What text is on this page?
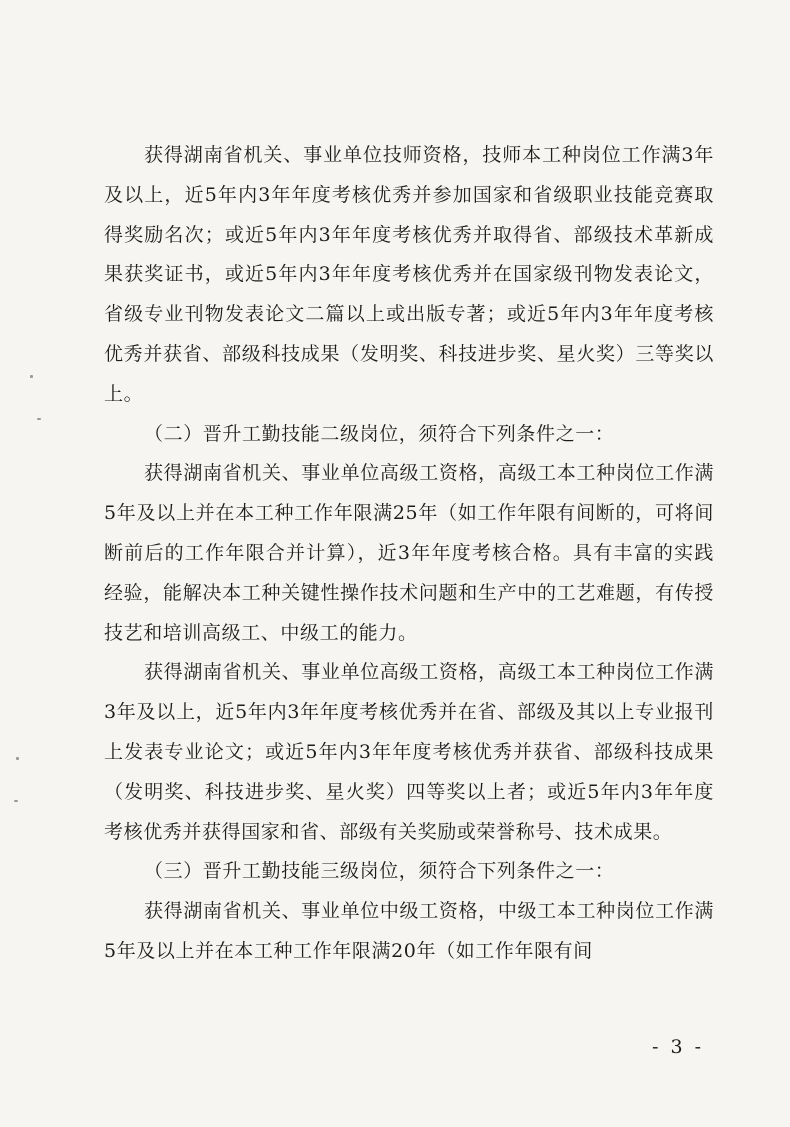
获得湖南省机关、事业单位技师资格，技师本工种岗位工作满3年及以上，近5年内3年年度考核优秀并参加国家和省级职业技能竞赛取得奖励名次；或近5年内3年年度考核优秀并取得省、部级技术革新成果获奖证书，或近5年内3年年度考核优秀并在国家级刊物发表论文，省级专业刊物发表论文二篇以上或出版专著；或近5年内3年年度考核优秀并获省、部级科技成果（发明奖、科技进步奖、星火奖）三等奖以上。

（二）晋升工勤技能二级岗位，须符合下列条件之一：

获得湖南省机关、事业单位高级工资格，高级工本工种岗位工作满5年及以上并在本工种工作年限满25年（如工作年限有间断的，可将间断前后的工作年限合并计算），近3年年度考核合格。具有丰富的实践经验，能解决本工种关键性操作技术问题和生产中的工艺难题，有传授技艺和培训高级工、中级工的能力。

获得湖南省机关、事业单位高级工资格，高级工本工种岗位工作满3年及以上，近5年内3年年度考核优秀并在省、部级及其以上专业报刊上发表专业论文；或近5年内3年年度考核优秀并获省、部级科技成果（发明奖、科技进步奖、星火奖）四等奖以上者；或近5年内3年年度考核优秀并获得国家和省、部级有关奖励或荣誉称号、技术成果。

（三）晋升工勤技能三级岗位，须符合下列条件之一：

获得湖南省机关、事业单位中级工资格，中级工本工种岗位工作满5年及以上并在本工种工作年限满20年（如工作年限有间

- 3 -
